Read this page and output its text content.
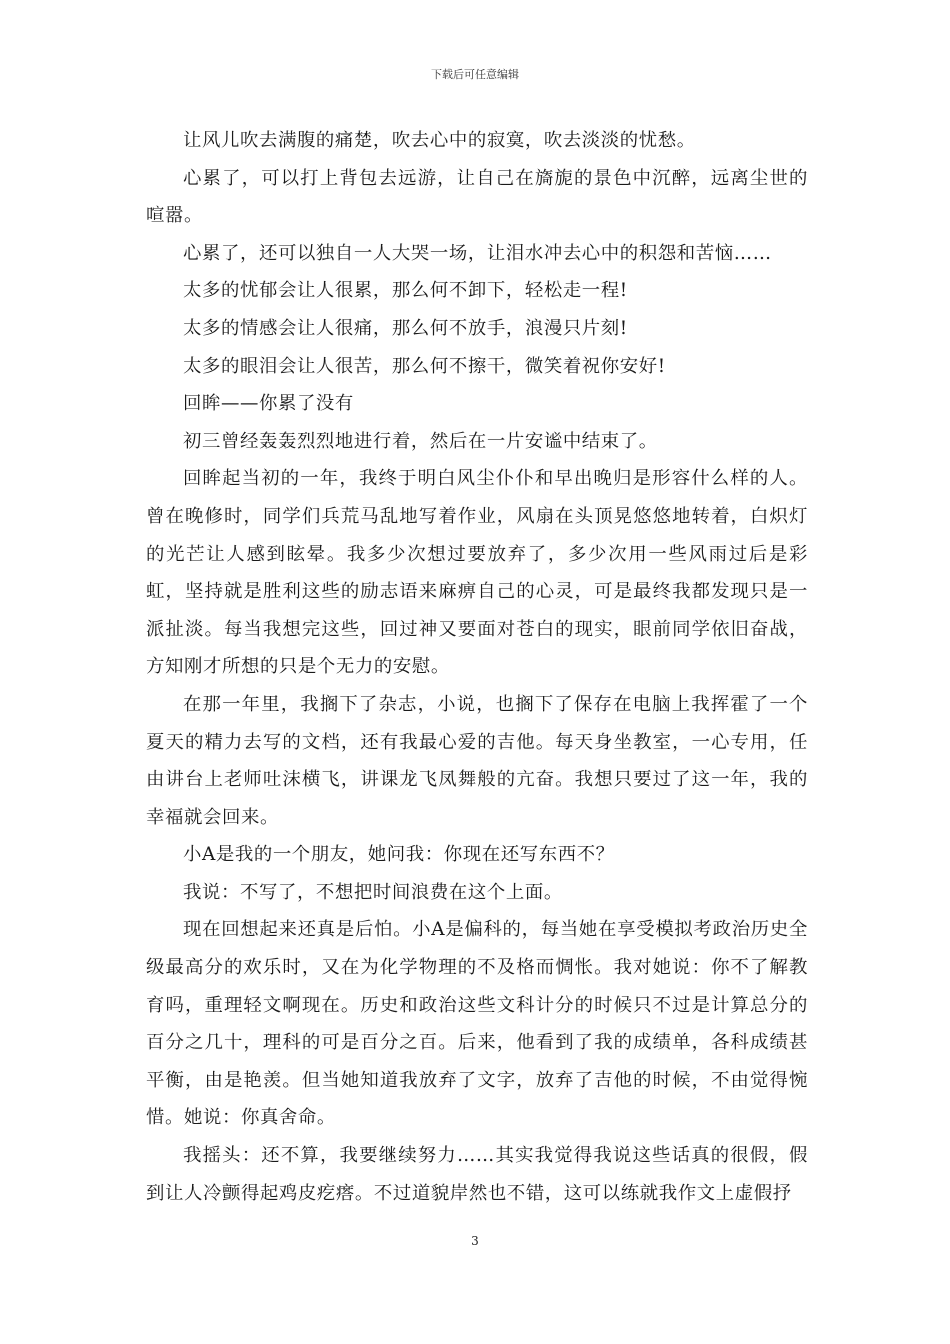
下载后可任意编辑

让风儿吹去满腹的痛楚，吹去心中的寂寞，吹去淡淡的忧愁。

心累了，可以打上背包去远游，让自己在旖旎的景色中沉醉，远离尘世的喧嚣。

心累了，还可以独自一人大哭一场，让泪水冲去心中的积怨和苦恼……

太多的忧郁会让人很累，那么何不卸下，轻松走一程!

太多的情感会让人很痛，那么何不放手，浪漫只片刻!

太多的眼泪会让人很苦，那么何不擦干，微笑着祝你安好!

回眸——你累了没有

初三曾经轰轰烈烈地进行着，然后在一片安谧中结束了。

回眸起当初的一年，我终于明白风尘仆仆和早出晚归是形容什么样的人。曾在晚修时，同学们兵荒马乱地写着作业，风扇在头顶晃悠悠地转着，白炽灯的光芒让人感到眩晕。我多少次想过要放弃了，多少次用一些风雨过后是彩虹，坚持就是胜利这些的励志语来麻痹自己的心灵，可是最终我都发现只是一派扯淡。每当我想完这些，回过神又要面对苍白的现实，眼前同学依旧奋战，方知刚才所想的只是个无力的安慰。

在那一年里，我搁下了杂志，小说，也搁下了保存在电脑上我挥霍了一个夏天的精力去写的文档，还有我最心爱的吉他。每天身坐教室，一心专用，任由讲台上老师吐沫横飞，讲课龙飞凤舞般的亢奋。我想只要过了这一年，我的幸福就会回来。

小A是我的一个朋友，她问我：你现在还写东西不？

我说：不写了，不想把时间浪费在这个上面。

现在回想起来还真是后怕。小A是偏科的，每当她在享受模拟考政治历史全级最高分的欢乐时，又在为化学物理的不及格而惆怅。我对她说：你不了解教育吗，重理轻文啊现在。历史和政治这些文科计分的时候只不过是计算总分的百分之几十，理科的可是百分之百。后来，他看到了我的成绩单，各科成绩甚平衡，由是艳羡。但当她知道我放弃了文字，放弃了吉他的时候，不由觉得惋惜。她说：你真舍命。

我摇头：还不算，我要继续努力……其实我觉得我说这些话真的很假，假到让人冷颤得起鸡皮疙瘩。不过道貌岸然也不错，这可以练就我作文上虚假抒

3
